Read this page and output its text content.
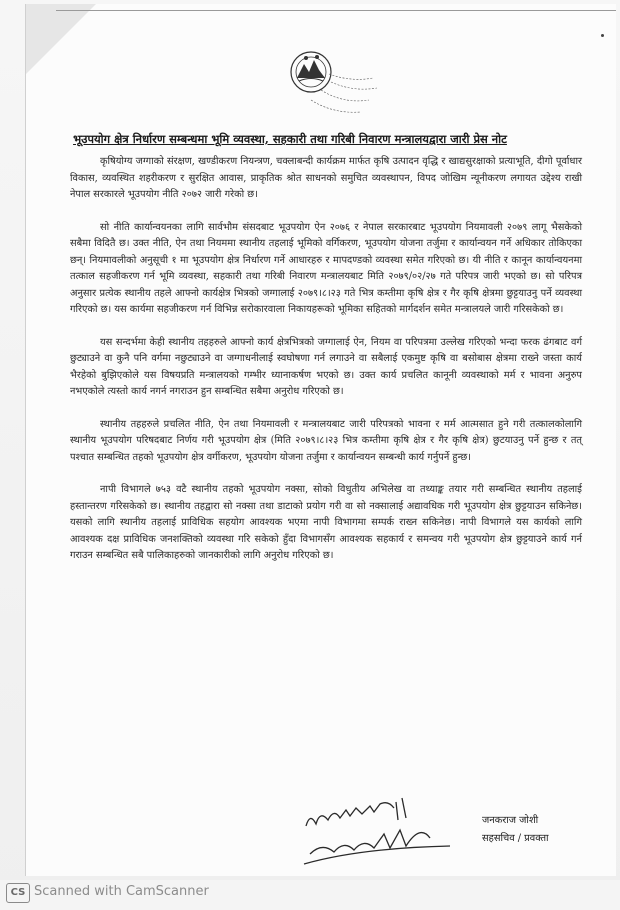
भूउपयोग क्षेत्र निर्धारण सम्बन्धमा भूमि व्यवस्था, सहकारी तथा गरिबी निवारण मन्त्रालयद्वारा जारी प्रेस नोट

कृषियोग्य जग्गाको संरक्षण, खण्डीकरण नियन्त्रण, चक्लाबन्दी कार्यक्रम मार्फत कृषि उत्पादन वृद्धि र खाद्यसुरक्षाको प्रत्याभूति, दीगो पूर्वाधार विकास, व्यवस्थित शहरीकरण र सुरक्षित आवास, प्राकृतिक श्रोत साधनको समुचित व्यवस्थापन, विपद जोखिम न्यूनीकरण लगायत उद्देश्य राखी नेपाल सरकारले भूउपयोग नीति २०७२ जारी गरेको छ।

सो नीति कार्यान्वयनका लागि सार्वभौम संसदबाट भूउपयोग ऐन २०७६ र नेपाल सरकारबाट भूउपयोग नियमावली २०७९ लागू भैसकेको सबैमा विदितै छ। उक्त नीति, ऐन तथा नियममा स्थानीय तहलाई भूमिको वर्गिकरण, भूउपयोग योजना तर्जुमा र कार्यान्वयन गर्ने अधिकार तोकिएका छन्। नियमावलीको अनुसूची १ मा भूउपयोग क्षेत्र निर्धारण गर्ने आधारहरु र मापदण्डको व्यवस्था समेत गरिएको छ। यी नीति र कानून कार्यान्वयनमा तत्काल सहजीकरण गर्न भूमि व्यवस्था, सहकारी तथा गरिबी निवारण मन्त्रालयबाट मिति २०७९/०२/२७ गते परिपत्र जारी भएको छ। सो परिपत्र अनुसार प्रत्येक स्थानीय तहले आफ्नो कार्यक्षेत्र भित्रको जग्गालाई २०७९।८।२३ गते भित्र कम्तीमा कृषि क्षेत्र र गैर कृषि क्षेत्रमा छुट्टयाउनु पर्ने व्यवस्था गरिएको छ। यस कार्यमा सहजीकरण गर्न विभिन्न सरोकारवाला निकायहरूको भूमिका सहितको मार्गदर्शन समेत मन्त्रालयले जारी गरिसकेको छ।

यस सन्दर्भमा केही स्थानीय तहहरुले आफ्नो कार्य क्षेत्रभित्रको जग्गालाई ऐन, नियम वा परिपत्रमा उल्लेख गरिएको भन्दा फरक ढंगबाट वर्ग छुट्याउने वा कुनै पनि वर्गमा नछुट्याउने वा जग्गाधनीलाई स्वघोषणा गर्न लगाउने वा सबैलाई एकमुष्ट कृषि वा बसोबास क्षेत्रमा राख्ने जस्ता कार्य भैरहेको बुझिएकोले यस विषयप्रति मन्त्रालयको गम्भीर ध्यानाकर्षण भएको छ। उक्त कार्य प्रचलित कानूनी व्यवस्थाको मर्म र भावना अनुरुप नभएकोले त्यस्तो कार्य नगर्न नगराउन हुन सम्बन्धित सबैमा अनुरोध गरिएको छ।

स्थानीय तहहरुले प्रचलित नीति, ऐन तथा नियमावली र मन्त्रालयबाट जारी परिपत्रको भावना र मर्म आत्मसात हुने गरी तत्कालकोलागि स्थानीय भूउपयोग परिषदबाट निर्णय गरी भूउपयोग क्षेत्र (मिति २०७९।८।२३ भित्र कम्तीमा कृषि क्षेत्र र गैर कृषि क्षेत्र) छुटयाउनु पर्ने हुन्छ र तत् पश्चात सम्बन्धित तहको भूउपयोग क्षेत्र वर्गीकरण, भूउपयोग योजना तर्जुमा र कार्यान्वयन सम्बन्धी कार्य गर्नुपर्ने हुन्छ।

नापी विभागले ७५३ वटै स्थानीय तहको भूउपयोग नक्सा, सोको विधुतीय अभिलेख वा तथ्याङ्क तयार गरी सम्बन्धित स्थानीय तहलाई हस्तान्तरण गरिसकेको छ। स्थानीय तहद्वारा सो नक्सा तथा डाटाको प्रयोग गरी वा सो नक्सालाई अद्यावधिक गरी भूउपयोग क्षेत्र छुट्टयाउन सकिनेछ। यसको लागि स्थानीय तहलाई प्राविधिक सहयोग आवश्यक भएमा नापी विभागमा सम्पर्क राख्न सकिनेछ। नापी विभागले यस कार्यको लागि आवश्यक दक्ष प्राविधिक जनशक्तिको व्यवस्था गरि सकेको हुँदा विभागसँग आवश्यक सहकार्य र समन्वय गरी भूउपयोग क्षेत्र छुट्टयाउने कार्य गर्न गराउन सम्बन्धित सबै पालिकाहरुको जानकारीको लागि अनुरोध गरिएको छ।

जनकराज जोशी
सहसचिव / प्रवक्ता
CS Scanned with CamScanner
